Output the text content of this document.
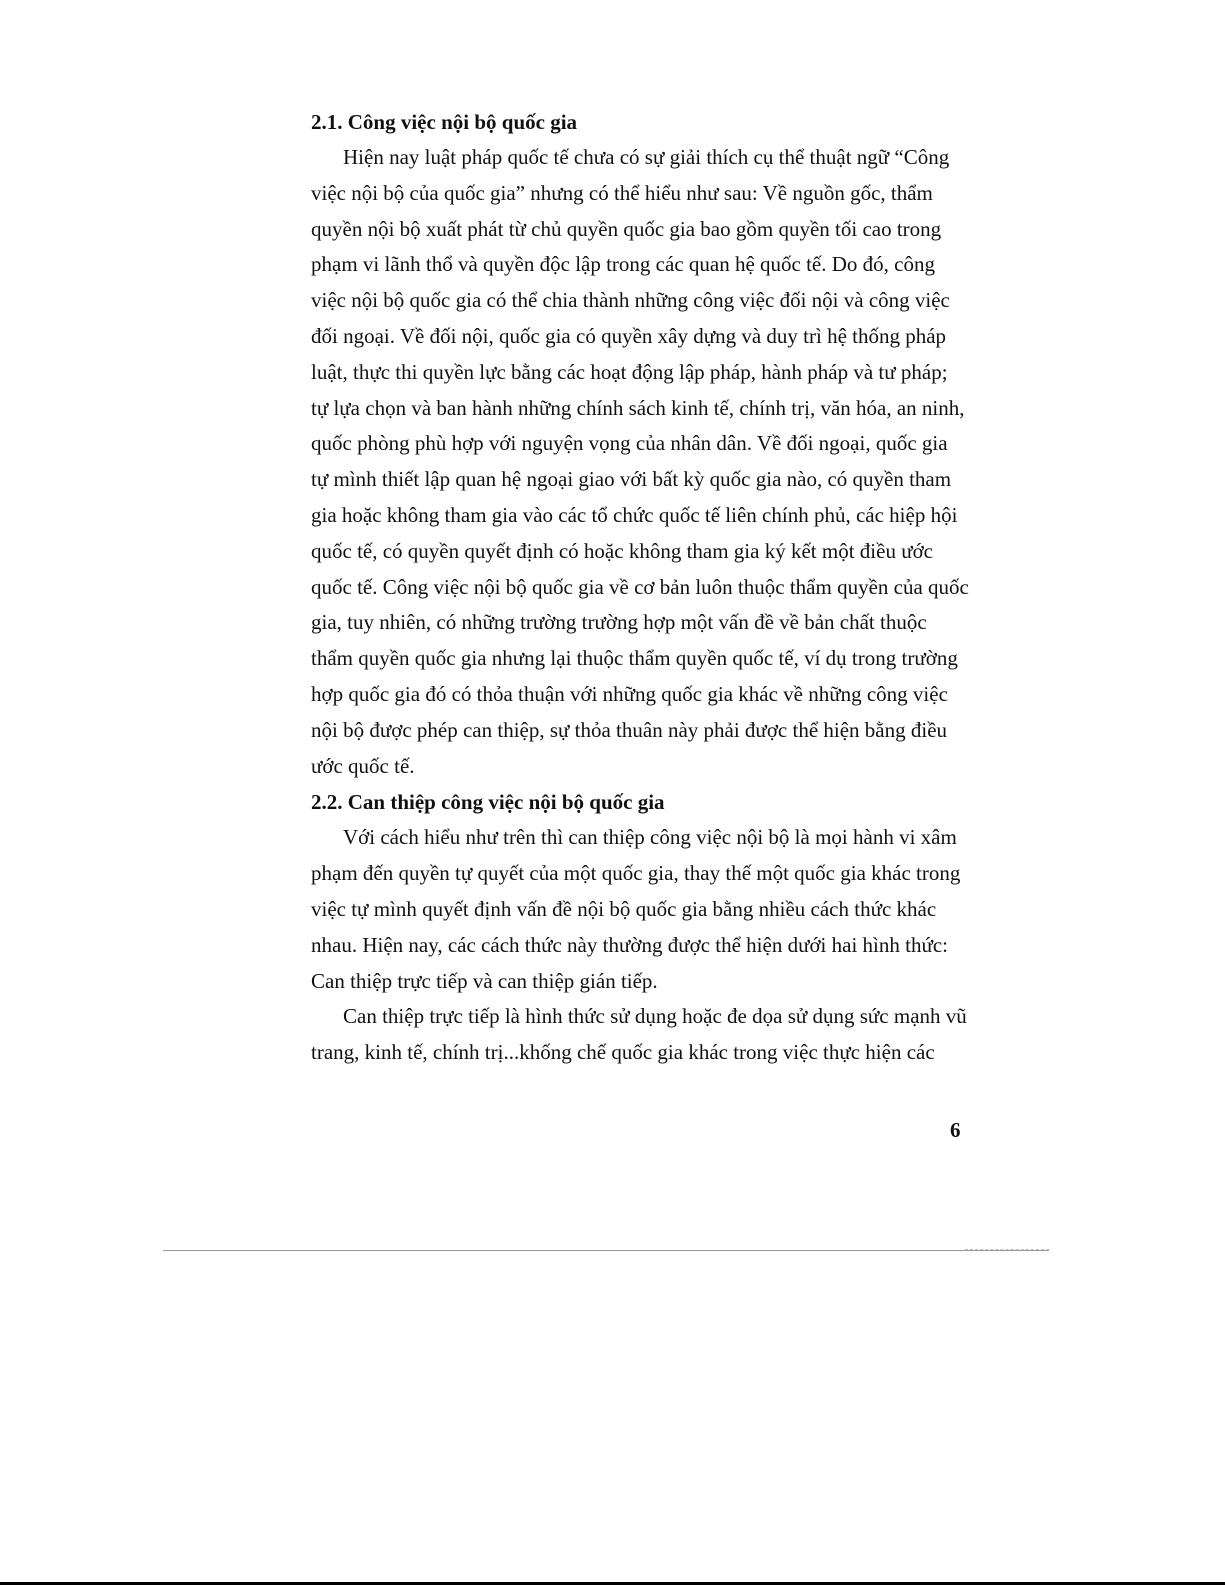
2.1. Công việc nội bộ quốc gia
Hiện nay luật pháp quốc tế chưa có sự giải thích cụ thể thuật ngữ “Công
việc nội bộ của quốc gia” nhưng có thể hiểu như sau: Về nguồn gốc, thẩm
quyền nội bộ xuất phát từ chủ quyền quốc gia bao gồm quyền tối cao trong
phạm vi lãnh thổ và quyền độc lập trong các quan hệ quốc tế. Do đó, công
việc nội bộ quốc gia có thể chia thành những công việc đối nội và công việc
đối ngoại. Về đối nội, quốc gia có quyền xây dựng và duy trì hệ thống pháp
luật, thực thi quyền lực bằng các hoạt động lập pháp, hành pháp và tư pháp;
tự lựa chọn và ban hành những chính sách kinh tế, chính trị, văn hóa, an ninh,
quốc phòng phù hợp với nguyện vọng của nhân dân. Về đối ngoại, quốc gia
tự mình thiết lập quan hệ ngoại giao với bất kỳ quốc gia nào, có quyền tham
gia hoặc không tham gia vào các tổ chức quốc tế liên chính phủ, các hiệp hội
quốc tế, có quyền quyết định có hoặc không tham gia ký kết một điều ước
quốc tế. Công việc nội bộ quốc gia về cơ bản luôn thuộc thẩm quyền của quốc
gia, tuy nhiên, có những trường trường hợp một vấn đề về bản chất thuộc
thẩm quyền quốc gia nhưng lại thuộc thẩm quyền quốc tế, ví dụ trong trường
hợp quốc gia đó có thỏa thuận với những quốc gia khác về những công việc
nội bộ được phép can thiệp, sự thỏa thuân này phải được thể hiện bằng điều
ước quốc tế.
2.2. Can thiệp công việc nội bộ quốc gia
Với cách hiểu như trên thì can thiệp công việc nội bộ là mọi hành vi xâm
phạm đến quyền tự quyết của một quốc gia, thay thế một quốc gia khác trong
việc tự mình quyết định vấn đề nội bộ quốc gia bằng nhiều cách thức khác
nhau. Hiện nay, các cách thức này thường được thể hiện dưới hai hình thức:
Can thiệp trực tiếp và can thiệp gián tiếp.
Can thiệp trực tiếp là hình thức sử dụng hoặc đe dọa sử dụng sức mạnh vũ
trang, kinh tế, chính trị...khống chế quốc gia khác trong việc thực hiện các
6
